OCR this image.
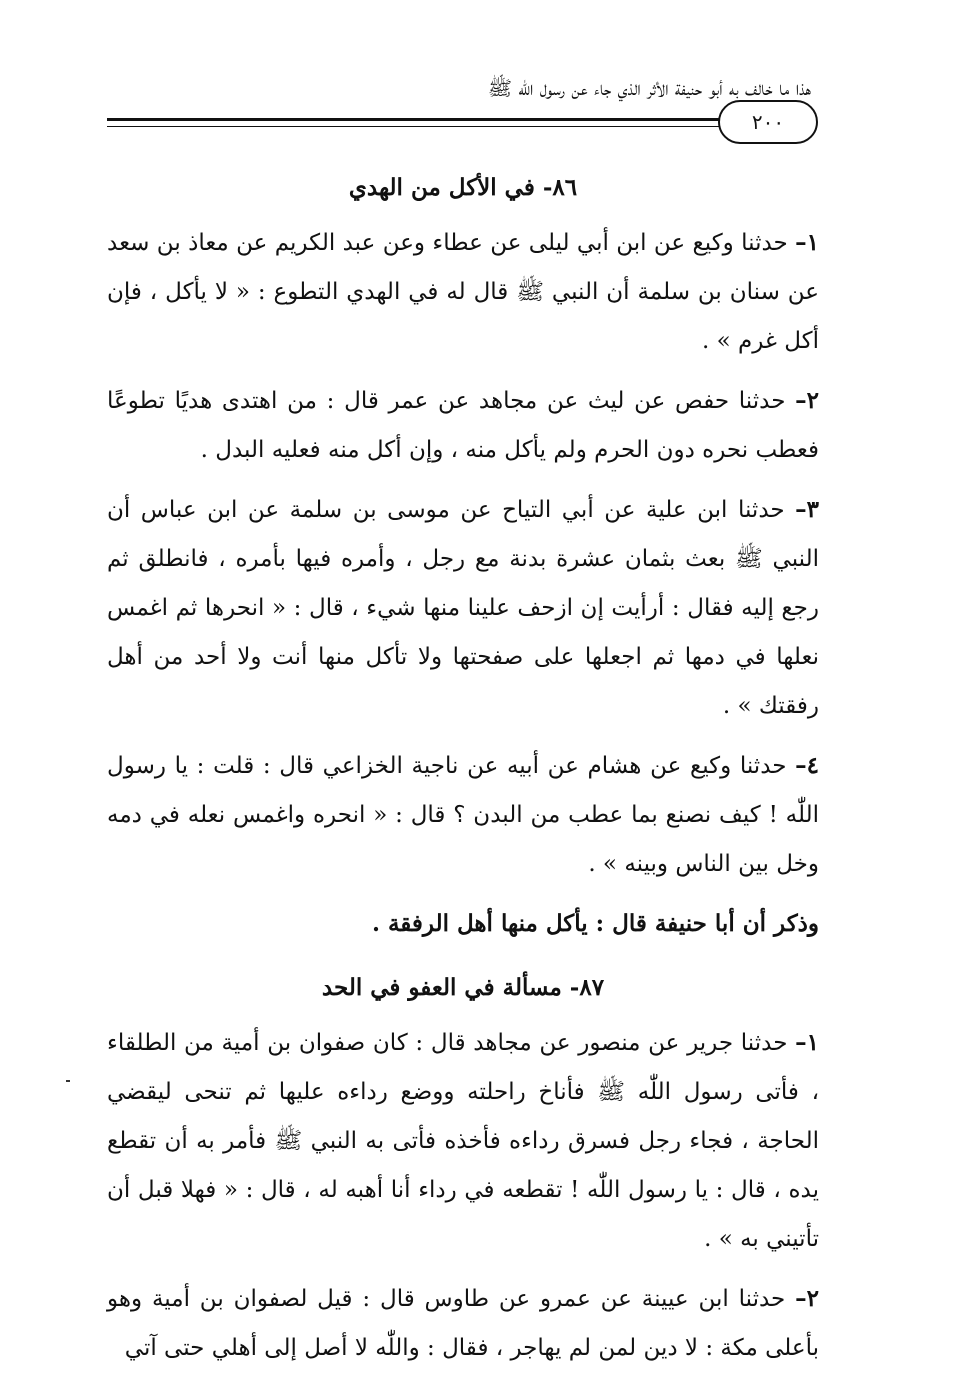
هذا ما خالف به أبو حنيفة الأثر الذي جاء عن رسول اللّٰه ﷺ
٢٠٠
٨٦- في الأكل من الهدي

١– حدثنا وكيع عن ابن أبي ليلى عن عطاء وعن عبد الكريم عن معاذ بن سعد عن سنان بن سلمة أن النبي ﷺ قال له في الهدي التطوع : « لا يأكل ، فإن أكل غرم » .

٢– حدثنا حفص عن ليث عن مجاهد عن عمر قال : من اهتدى هديًا تطوعًا فعطب نحره دون الحرم ولم يأكل منه ، وإن أكل منه فعليه البدل .

٣– حدثنا ابن علية عن أبي التياح عن موسى بن سلمة عن ابن عباس أن النبي ﷺ بعث بثمان عشرة بدنة مع رجل ، وأمره فيها بأمره ، فانطلق ثم رجع إليه فقال : أرأيت إن ازحف علينا منها شيء ، قال : « انحرها ثم اغمس نعلها في دمها ثم اجعلها على صفحتها ولا تأكل منها أنت ولا أحد من أهل رفقتك » .

٤– حدثنا وكيع عن هشام عن أبيه عن ناجية الخزاعي قال : قلت : يا رسول اللّٰه ! كيف نصنع بما عطب من البدن ؟ قال : « انحره واغمس نعله في دمه وخل بين الناس وبينه » .

وذكر أن أبا حنيفة قال : يأكل منها أهل الرفقة .

٨٧- مسألة في العفو في الحد

١– حدثنا جرير عن منصور عن مجاهد قال : كان صفوان بن أمية من الطلقاء ، فأتى رسول اللّٰه ﷺ فأناخ راحلته ووضع رداءه عليها ثم تنحى ليقضي الحاجة ، فجاء رجل فسرق رداءه فأخذه فأتى به النبي ﷺ فأمر به أن تقطع يده ، قال : يا رسول اللّٰه ! تقطعه في رداء أنا أهبه له ، قال : « فهلا قبل أن تأتيني به » .

٢– حدثنا ابن عيينة عن عمرو عن طاوس قال : قيل لصفوان بن أمية وهو بأعلى مكة : لا دين لمن لم يهاجر ، فقال : واللّٰه لا أصل إلى أهلي حتى آتي
